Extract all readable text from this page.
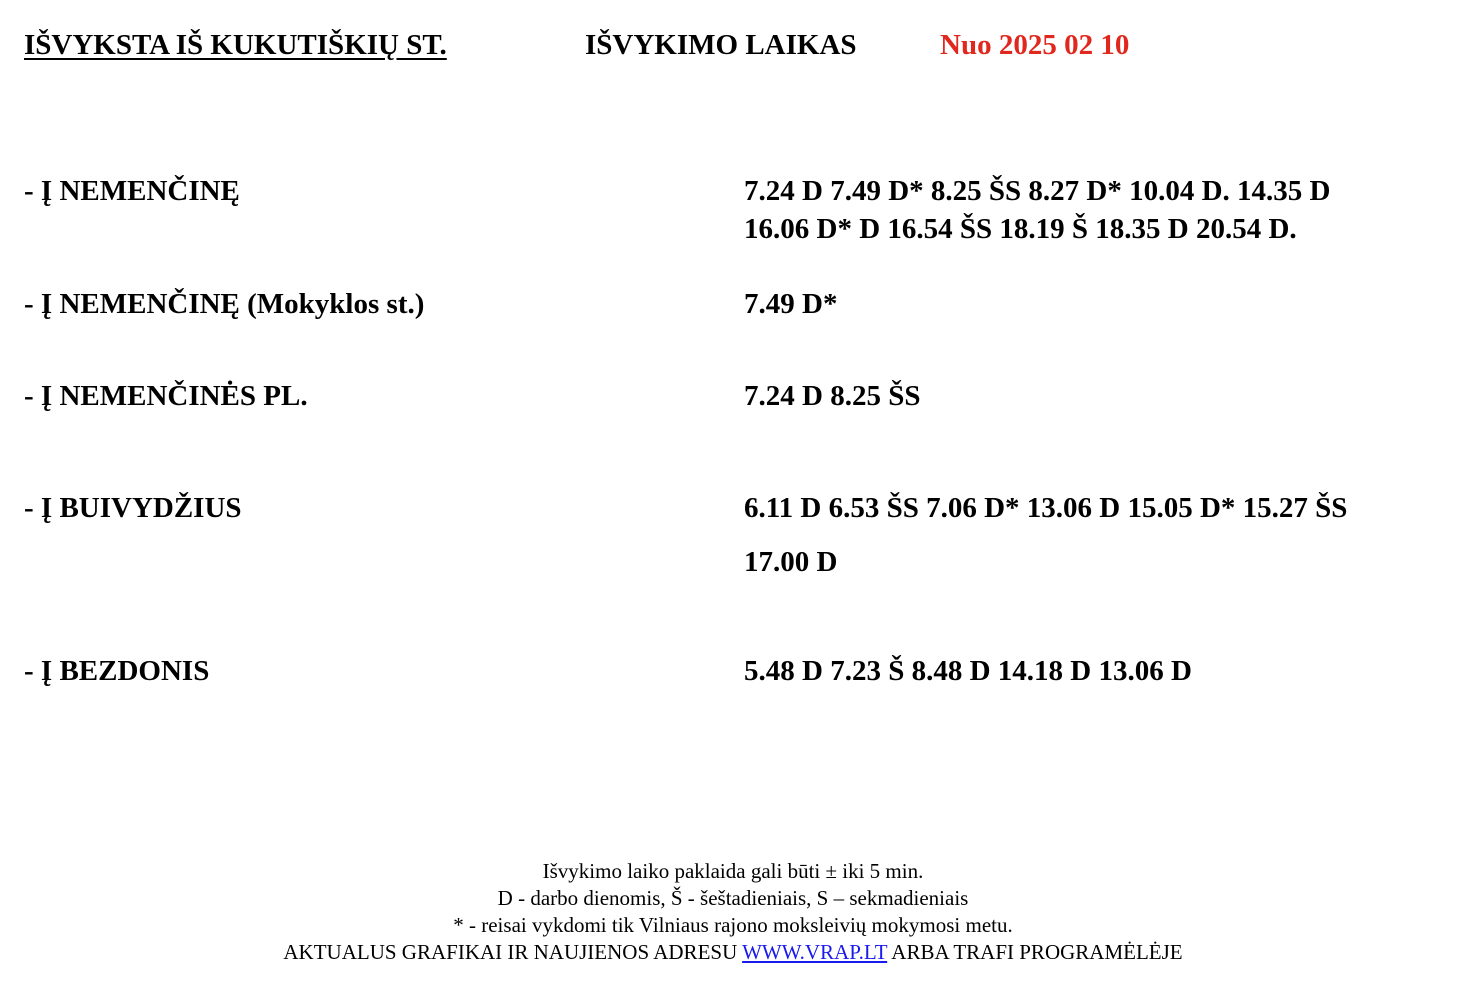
IŠVYKSTA IŠ KUKUTIŠKIŲ ST.	IŠVYKIMO LAIKAS	Nuo 2025 02 10
- Į NEMENČINĘ	7.24 D 7.49 D* 8.25 ŠS 8.27 D* 10.04 D. 14.35 D
16.06 D* D 16.54 ŠS 18.19 Š 18.35 D 20.54 D.
- Į NEMENČINĘ (Mokyklos st.)	7.49 D*
- Į NEMENČINĖS PL.	7.24 D 8.25 ŠS
- Į BUIVYDŽIUS	6.11 D 6.53 ŠS 7.06 D* 13.06 D 15.05 D* 15.27 ŠS
17.00 D
- Į BEZDONIS	5.48 D 7.23 Š 8.48 D 14.18 D 13.06 D
Išvykimo laiko paklaida gali būti ± iki 5 min.
D - darbo dienomis, Š - šeštadieniais, S – sekmadieniais
* - reisai vykdomi tik Vilniaus rajono moksleivių mokymosi metu.
AKTUALUS GRAFIKAI IR NAUJIENOS ADRESU WWW.VRAP.LT ARBA TRAFI PROGRAMĖLĖJE
